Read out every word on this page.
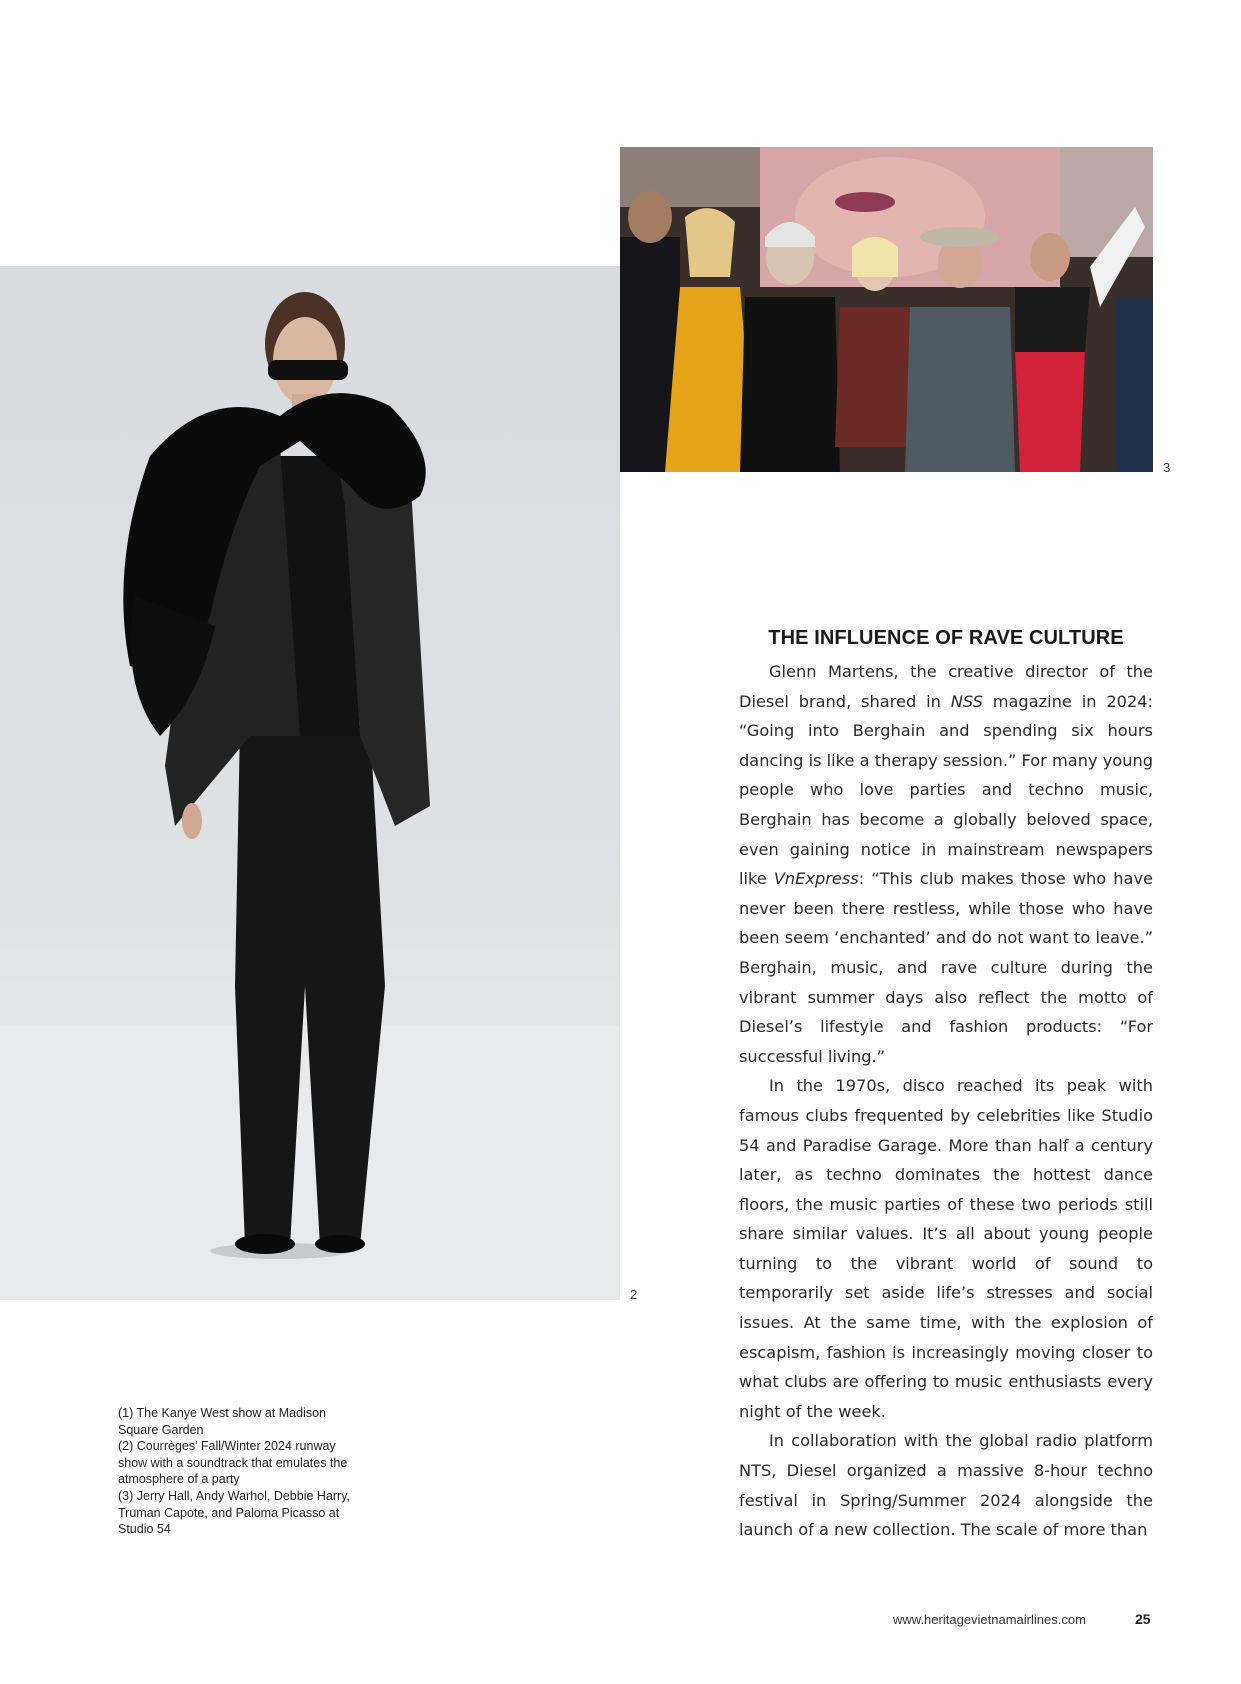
3
2
THE INFLUENCE OF RAVE CULTURE

Glenn Martens, the creative director of the Diesel brand, shared in NSS magazine in 2024: “Going into Berghain and spending six hours dancing is like a therapy session.” For many young people who love parties and techno music, Berghain has become a globally beloved space, even gaining notice in mainstream newspapers like VnExpress: “This club makes those who have never been there restless, while those who have been seem ‘enchanted’ and do not want to leave.” Berghain, music, and rave culture during the vibrant summer days also reflect the motto of Diesel’s lifestyle and fashion products: “For successful living.”

In the 1970s, disco reached its peak with famous clubs frequented by celebrities like Studio 54 and Paradise Garage. More than half a century later, as techno dominates the hottest dance floors, the music parties of these two periods still share similar values. It’s all about young people turning to the vibrant world of sound to temporarily set aside life’s stresses and social issues. At the same time, with the explosion of escapism, fashion is increasingly moving closer to what clubs are offering to music enthusiasts every night of the week.

In collaboration with the global radio platform NTS, Diesel organized a massive 8-hour techno festival in Spring/Summer 2024 alongside the launch of a new collection. The scale of more than

(1) The Kanye West show at Madison Square Garden
(2) Courrèges’ Fall/Winter 2024 runway show with a soundtrack that emulates the atmosphere of a party
(3) Jerry Hall, Andy Warhol, Debbie Harry, Truman Capote, and Paloma Picasso at Studio 54
www.heritagevietnamairlines.com	25
